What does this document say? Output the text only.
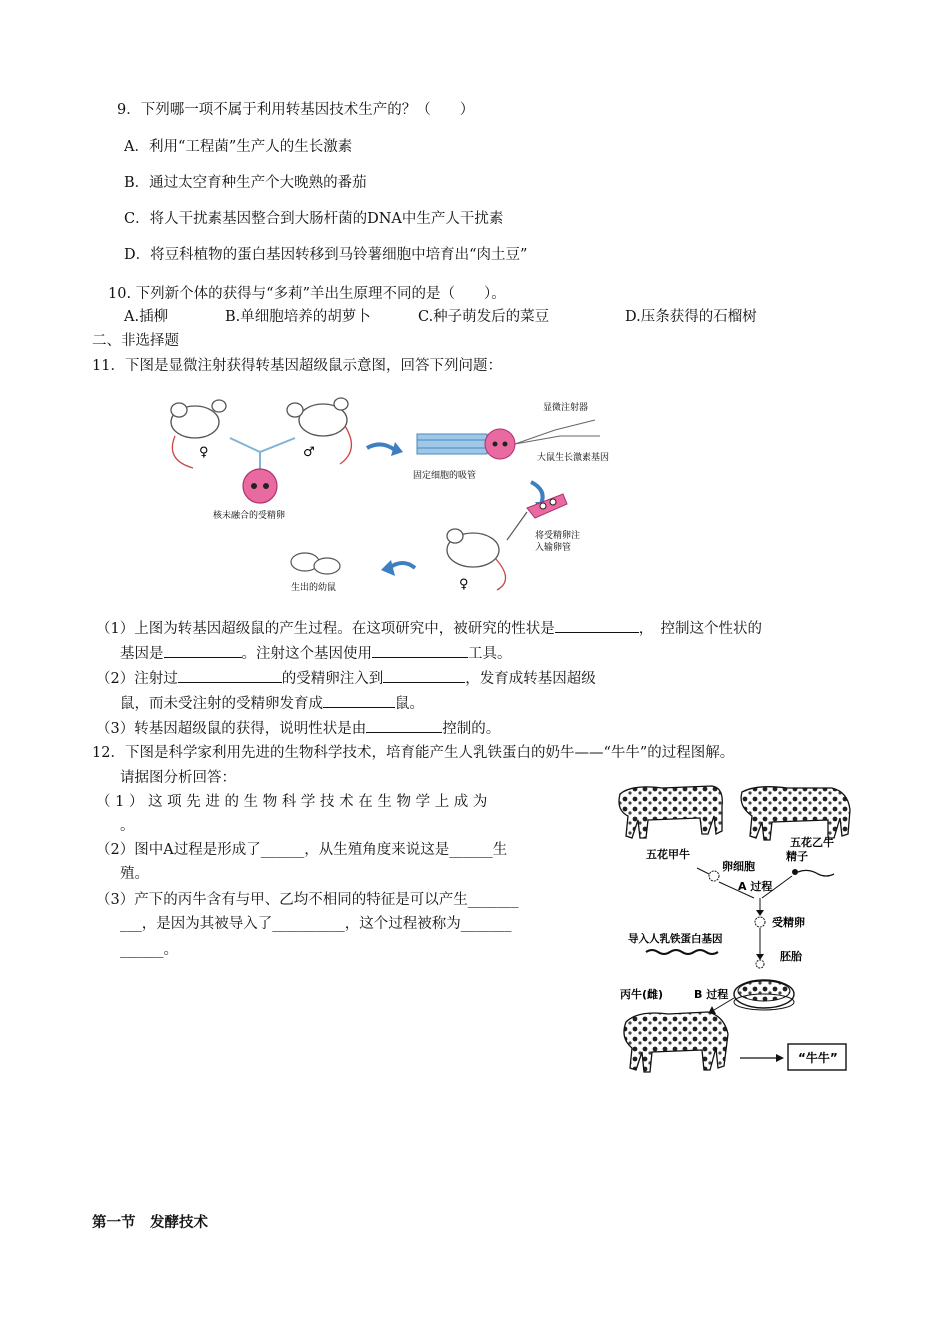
9．下列哪一项不属于利用转基因技术生产的？（　　）
A．利用“工程菌”生产人的生长激素
B．通过太空育种生产个大晚熟的番茄
C．将人干扰素基因整合到大肠杆菌的DNA中生产人干扰素
D．将豆科植物的蛋白基因转移到马铃薯细胞中培育出“肉土豆”
10. 下列新个体的获得与“多莉”羊出生原理不同的是（　　）。
A.插柳	B.单细胞培养的胡萝卜	C.种子萌发后的菜豆	D.压条获得的石榴树
二、非选择题
11．下图是显微注射获得转基因超级鼠示意图，回答下列问题：
♀	♂
核未融合的受精卵
显微注射器
固定细胞的吸管
大鼠生长激素基因
将受精卵注
入输卵管
♀
生出的幼鼠
（1）上图为转基因超级鼠的产生过程。在这项研究中，被研究的性状是	，　控制这个性状的
基因是	。注射这个基因使用	工具。
（2）注射过	的受精卵注入到	，发育成转基因超级
鼠，而未受注射的受精卵发育成	鼠。
（3）转基因超级鼠的获得，说明性状是由	控制的。
12．下图是科学家利用先进的生物科学技术，培育能产生人乳铁蛋白的奶牛——“牛牛”的过程图解。
请据图分析回答：
（ 1 ） 这 项 先 进 的 生 物 科 学 技 术 在 生 物 学 上 成 为
。
（2）图中A过程是形成了______，从生殖角度来说这是______生
殖。
（3）产下的丙牛含有与甲、乙均不相同的特征是可以产生_______
___，是因为其被导入了__________，这个过程被称为_______
______。
五花甲牛
五花乙牛
精子
卵细胞
A 过程
受精卵
导入人乳铁蛋白基因
胚胎
丙牛(雌)	B 过程
“牛牛”
第一节　发酵技术
